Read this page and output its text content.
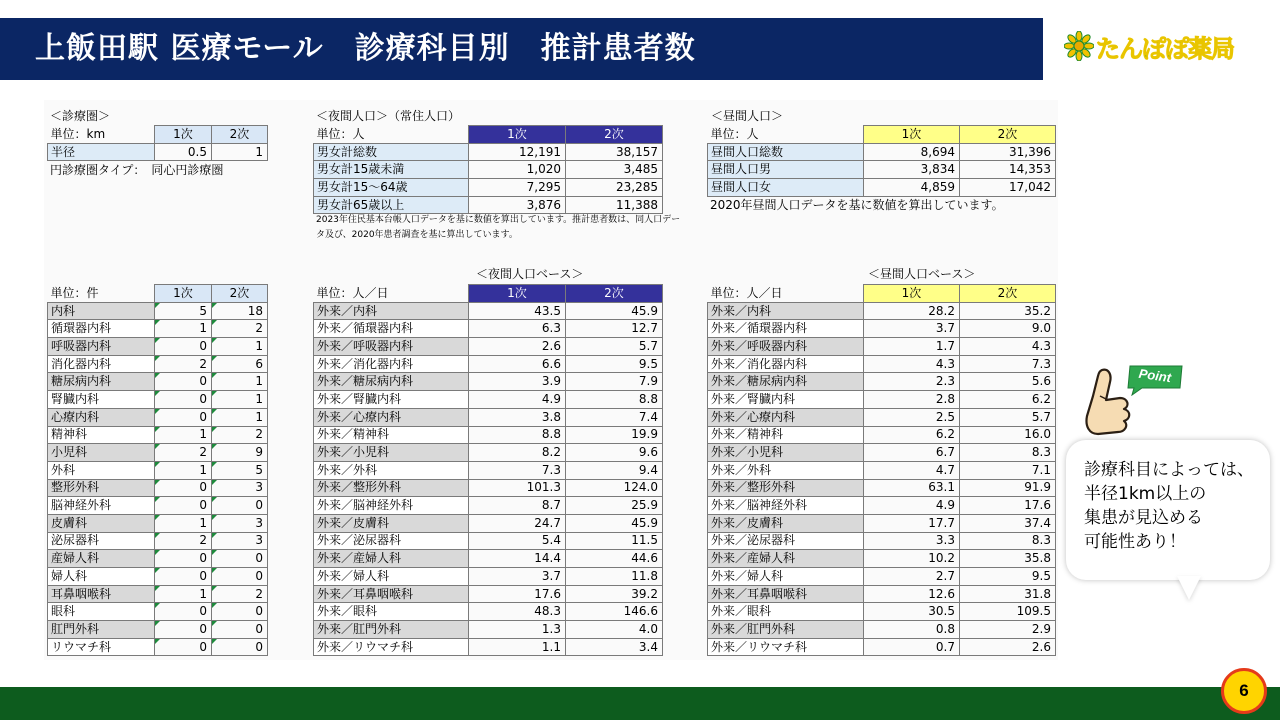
上飯田駅 医療モール　診療科目別　推計患者数	たんぽぽ薬局
＜診療圏＞
単位：km	1次	2次
半径	0.5	1
円診療圏タイプ：　同心円診療圏
＜夜間人口＞（常住人口）
単位：人	1次	2次
男女計総数	12,191	38,157
男女計15歳未満	1,020	3,485
男女計15～64歳	7,295	23,285
男女計65歳以上	3,876	11,388
2023年住民基本台帳人口データを基に数値を算出しています。推計患者数は、同人口デー
タ及び、2020年患者調査を基に算出しています。
＜昼間人口＞
単位：人	1次	2次
昼間人口総数	8,694	31,396
昼間人口男	3,834	14,353
昼間人口女	4,859	17,042
2020年昼間人口データを基に数値を算出しています。
＜夜間人口ベース＞	＜昼間人口ベース＞
単位：件	1次	2次
内科	5	18
循環器内科	1	2
呼吸器内科	0	1
消化器内科	2	6
糖尿病内科	0	1
腎臓内科	0	1
心療内科	0	1
精神科	1	2
小児科	2	9
外科	1	5
整形外科	0	3
脳神経外科	0	0
皮膚科	1	3
泌尿器科	2	3
産婦人科	0	0
婦人科	0	0
耳鼻咽喉科	1	2
眼科	0	0
肛門外科	0	0
リウマチ科	0	0
単位：人／日	1次	2次
外来／内科	43.5	45.9
外来／循環器内科	6.3	12.7
外来／呼吸器内科	2.6	5.7
外来／消化器内科	6.6	9.5
外来／糖尿病内科	3.9	7.9
外来／腎臓内科	4.9	8.8
外来／心療内科	3.8	7.4
外来／精神科	8.8	19.9
外来／小児科	8.2	9.6
外来／外科	7.3	9.4
外来／整形外科	101.3	124.0
外来／脳神経外科	8.7	25.9
外来／皮膚科	24.7	45.9
外来／泌尿器科	5.4	11.5
外来／産婦人科	14.4	44.6
外来／婦人科	3.7	11.8
外来／耳鼻咽喉科	17.6	39.2
外来／眼科	48.3	146.6
外来／肛門外科	1.3	4.0
外来／リウマチ科	1.1	3.4
単位：人／日	1次	2次
外来／内科	28.2	35.2
外来／循環器内科	3.7	9.0
外来／呼吸器内科	1.7	4.3
外来／消化器内科	4.3	7.3
外来／糖尿病内科	2.3	5.6
外来／腎臓内科	2.8	6.2
外来／心療内科	2.5	5.7
外来／精神科	6.2	16.0
外来／小児科	6.7	8.3
外来／外科	4.7	7.1
外来／整形外科	63.1	91.9
外来／脳神経外科	4.9	17.6
外来／皮膚科	17.7	37.4
外来／泌尿器科	3.3	8.3
外来／産婦人科	10.2	35.8
外来／婦人科	2.7	9.5
外来／耳鼻咽喉科	12.6	31.8
外来／眼科	30.5	109.5
外来／肛門外科	0.8	2.9
外来／リウマチ科	0.7	2.6
Point
診療科目によっては、
半径1km以上の
集患が見込める
可能性あり！
6
